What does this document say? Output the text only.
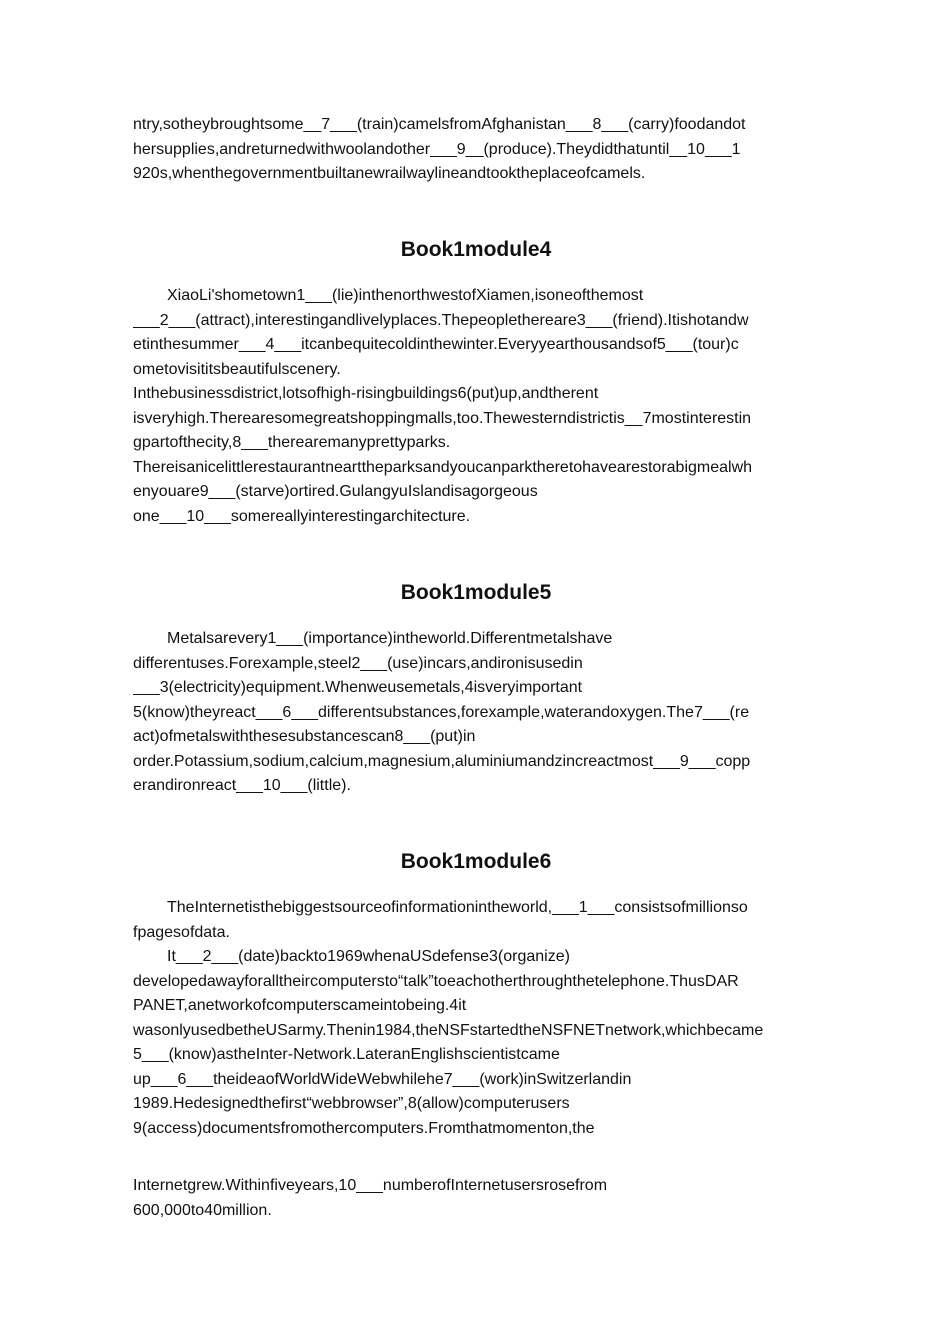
ntry,sotheybroughtsome__7___(train)camelsfromAfghanistan___8___(carry)foodandot
hersupplies,andreturnedwithwoolandother___9__(produce).Theydidthatuntil__10___1
920s,whenthegovernmentbuiltanewrailwaylineandtooktheplaceofcamels.
Book1module4
XiaoLi'shometown1___(lie)inthenorthwestofXiamen,isoneofthemost
___2___(attract),interestingandlivelyplaces.Thepeoplethereare3___(friend).Itishotandw
etinthesummer___4___itcanbequitecoldinthewinter.Everyyearthousandsof5___(tour)c
ometovisititsbeautifulscenery.
Inthebusinessdistrict,lotsofhigh-risingbuildings6(put)up,andtherent
isveryhigh.Therearesomegreatshoppingmalls,too.Thewesterndistrictis__7mostinterestin
gpartofthecity,8___therearemanyprettyparks.
Thereisanicelittlerestaurantnearttheparksandyoucanparktheretohavearestorabigmealwh
enyouare9___(starve)ortired.GulangyuIslandisagorgeous
one___10___somereallyinterestingarchitecture.
Book1module5
Metalsarevery1___(importance)intheworld.Differentmetalshave
differentuses.Forexample,steel2___(use)incars,andironisusedin
___3(electricity)equipment.Whenweusemetals,4isveryimportant
5(know)theyreact___6___differentsubstances,forexample,waterandoxygen.The7___(re
act)ofmetalswiththesesubstancescan8___(put)in
order.Potassium,sodium,calcium,magnesium,aluminiumandzincreactmost___9___copp
erandironreact___10___(little).
Book1module6
TheInternetisthebiggestsourceofinformationintheworld,___1___consistsofmillionso
fpagesofdata.
It___2___(date)backto1969whenaUSdefense3(organize)
developedawayforalltheircomputersto“talk”toeachotherthroughthetelephone.ThusDAR
PANET,anetworkofcomputerscameintobeing.4it
wasonlyusedbetheUSarmy.Thenin1984,theNSFstartedtheNSFNETnetwork,whichbecame
5___(know)astheInter-Network.LateranEnglishscientistcame
up___6___theideaofWorldWideWebwhilehe7___(work)inSwitzerlandin
1989.Hedesignedthefirst“webbrowser”,8(allow)computerusers
9(access)documentsfromothercomputers.Fromthatmomenton,the
Internetgrew.Withinfiveyears,10___numberofInternetusersrosefrom
600,000to40million.
